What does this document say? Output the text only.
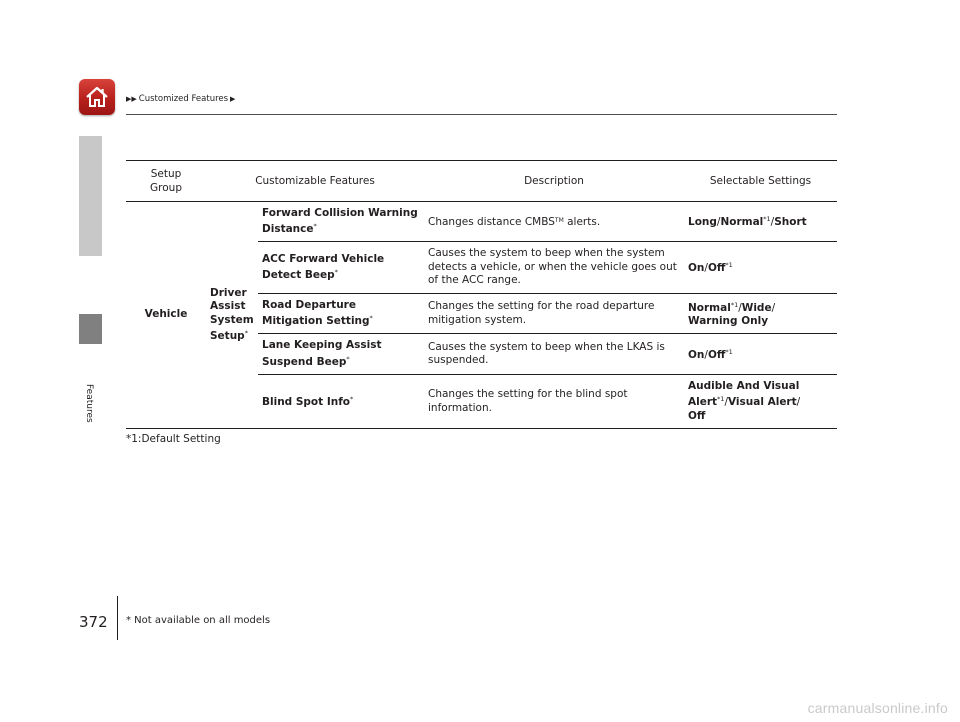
▶▶ Customized Features ▶
Features
Setup
Group	Customizable Features		Description	Selectable Settings
Vehicle	Driver Assist System Setup*	Forward Collision Warning Distance*	Changes distance CMBS™ alerts.	Long/Normal$^{*1}$/Short
		ACC Forward Vehicle Detect Beep*	Causes the system to beep when the system detects a vehicle, or when the vehicle goes out of the ACC range.	On/Off$^{*1}$
		Road Departure Mitigation Setting*	Changes the setting for the road departure mitigation system.	Normal$^{*1}$/Wide/
Warning Only
		Lane Keeping Assist Suspend Beep*	Causes the system to beep when the LKAS is suspended.	On/Off$^{*1}$
		Blind Spot Info*	Changes the setting for the blind spot information.	Audible And Visual Alert$^{*1}$/Visual Alert/
Off
*1:Default Setting
372 * Not available on all models
carmanualsonline.info
